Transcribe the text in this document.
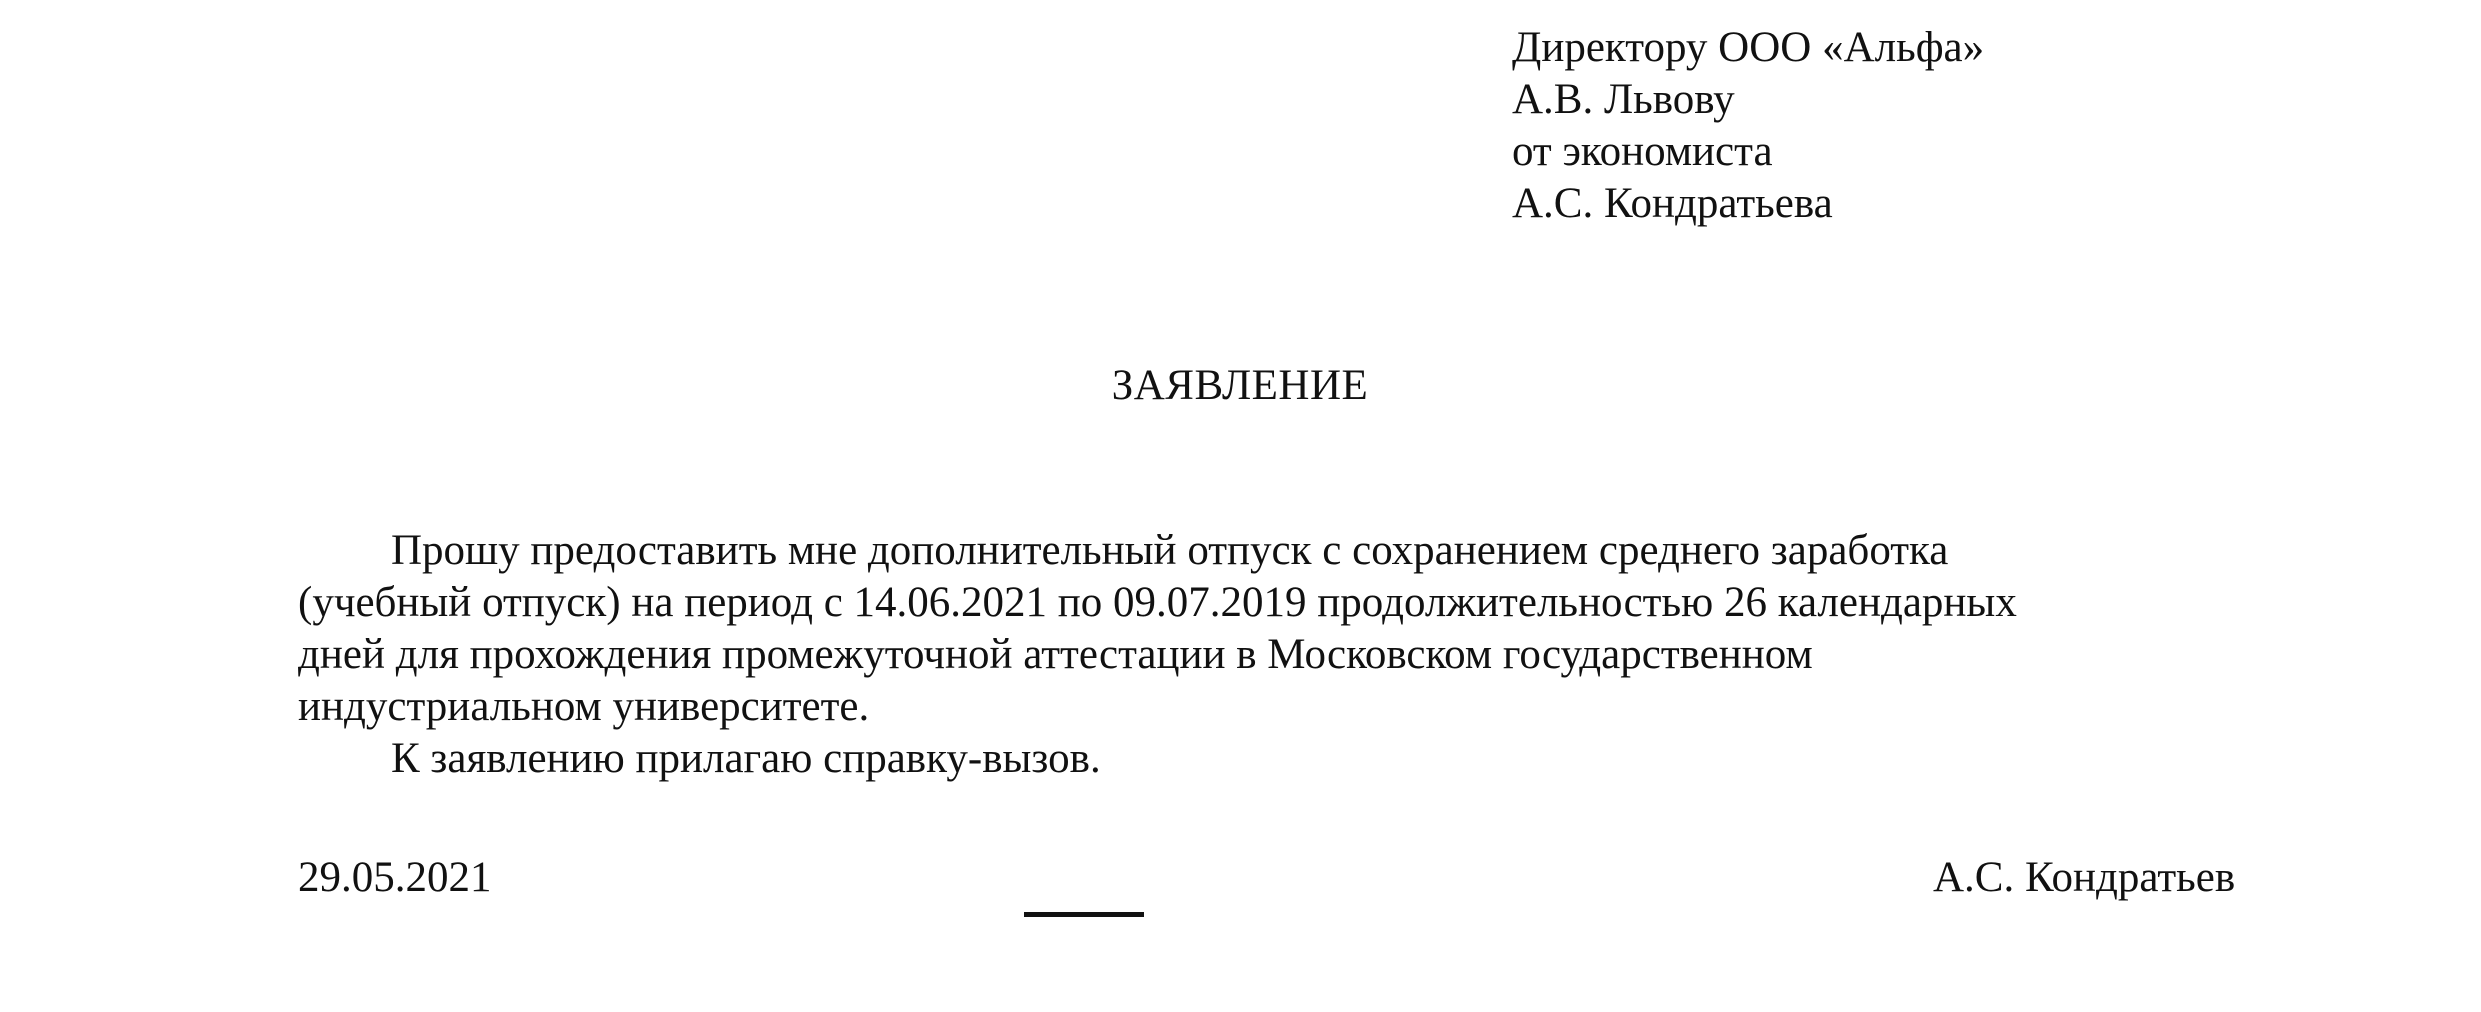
Директору ООО «Альфа»
А.В. Львову
от экономиста
А.С. Кондратьева
ЗАЯВЛЕНИЕ
Прошу предоставить мне дополнительный отпуск с сохранением среднего заработка
(учебный отпуск) на период с 14.06.2021 по 09.07.2019 продолжительностью 26 календарных
дней для прохождения промежуточной аттестации в Московском государственном
индустриальном университете.
К заявлению прилагаю справку-вызов.
29.05.2021	А.С. Кондратьев
